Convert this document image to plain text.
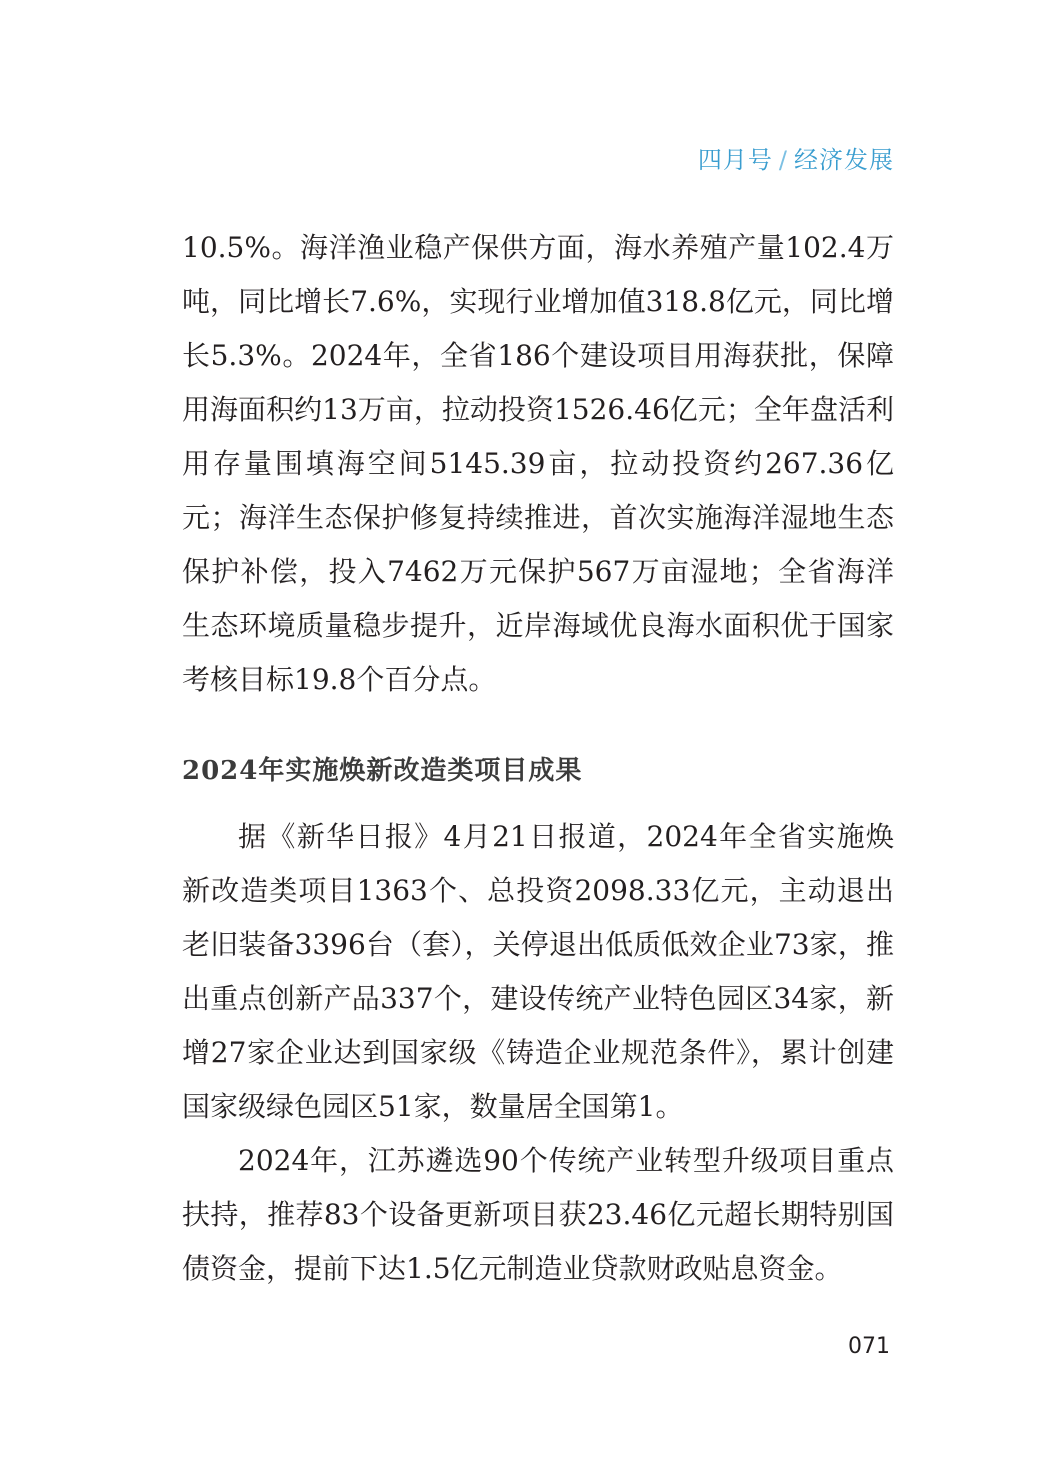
四月号 / 经济发展

10.5%。海洋渔业稳产保供方面，海水养殖产量102.4万吨，同比增长7.6%，实现行业增加值318.8亿元，同比增长5.3%。2024年，全省186个建设项目用海获批，保障用海面积约13万亩，拉动投资1526.46亿元；全年盘活利用存量围填海空间5145.39亩，拉动投资约267.36亿元；海洋生态保护修复持续推进，首次实施海洋湿地生态保护补偿，投入7462万元保护567万亩湿地；全省海洋生态环境质量稳步提升，近岸海域优良海水面积优于国家考核目标19.8个百分点。

2024年实施焕新改造类项目成果

据《新华日报》4月21日报道，2024年全省实施焕新改造类项目1363个、总投资2098.33亿元，主动退出老旧装备3396台（套），关停退出低质低效企业73家，推出重点创新产品337个，建设传统产业特色园区34家，新增27家企业达到国家级《铸造企业规范条件》，累计创建国家级绿色园区51家，数量居全国第1。

2024年，江苏遴选90个传统产业转型升级项目重点扶持，推荐83个设备更新项目获23.46亿元超长期特别国债资金，提前下达1.5亿元制造业贷款财政贴息资金。

071
